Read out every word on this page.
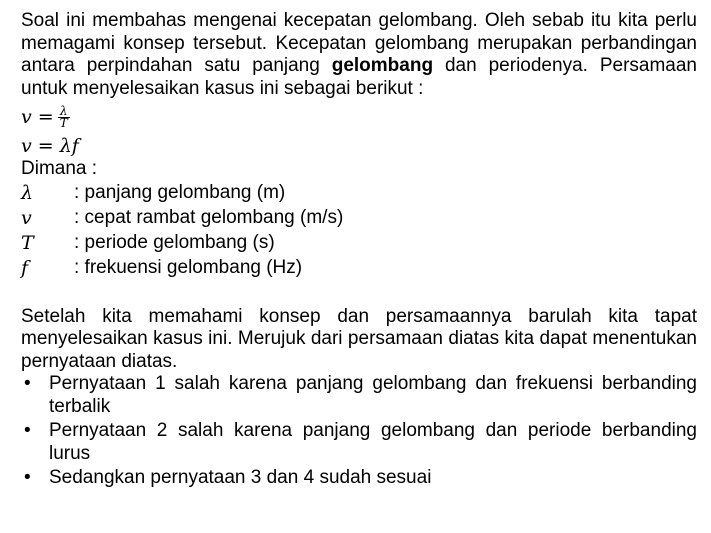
Soal ini membahas mengenai kecepatan gelombang. Oleh sebab itu kita perlu memagami konsep tersebut. Kecepatan gelombang merupakan perbandingan antara perpindahan satu panjang gelombang dan periodenya. Persamaan untuk menyelesaikan kasus ini sebagai berikut :

$v = \frac{\lambda}{T}$
v = λf
Dimana :
λ	: panjang gelombang (m)
v	: cepat rambat gelombang (m/s)
T	: periode gelombang (s)
f	: frekuensi gelombang (Hz)

Setelah kita memahami konsep dan persamaannya barulah kita tapat menyelesaikan kasus ini. Merujuk dari persamaan diatas kita dapat menentukan pernyataan diatas.

• Pernyataan 1 salah karena panjang gelombang dan frekuensi berbanding terbalik
• Pernyataan 2 salah karena panjang gelombang dan periode berbanding lurus
• Sedangkan pernyataan 3 dan 4 sudah sesuai
